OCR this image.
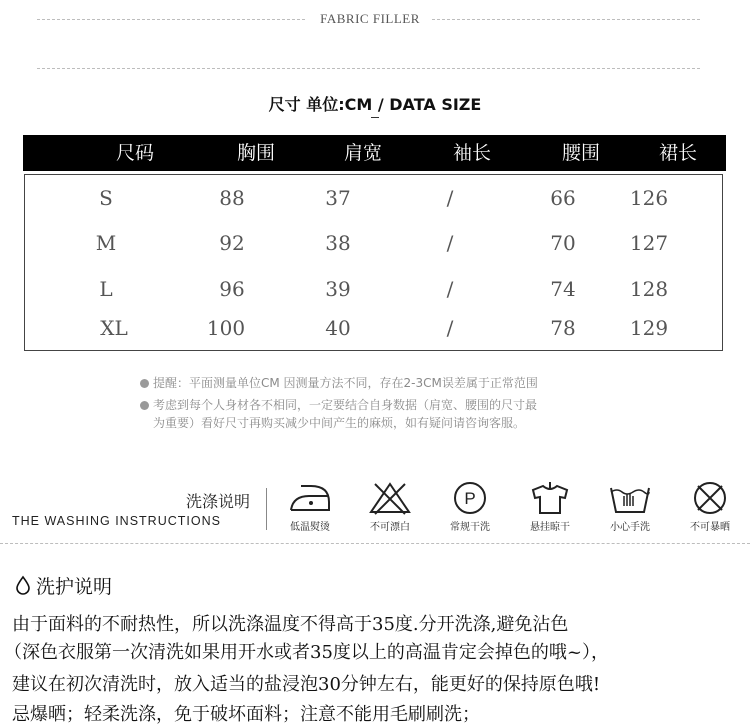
FABRIC FILLER
尺寸 单位:CM / DATA SIZE
尺码	胸围	肩宽	袖长	腰围	裙长
S	88	37	/	66	126
M	92	38	/	70	127
L	96	39	/	74	128
XL	100	40	/	78	129
提醒：平面测量单位CM 因测量方法不同，存在2-3CM误差属于正常范围
考虑到每个人身材各不相同，一定要结合自身数据（肩宽、腰围的尺寸最
为重要）看好尺寸再购买减少中间产生的麻烦，如有疑问请咨询客服。
洗涤说明
THE WASHING INSTRUCTIONS	低温熨烫	不可漂白
P
常规干洗	悬挂晾干	小心手洗	不可暴晒
洗护说明
由于面料的不耐热性，所以洗涤温度不得高于35度.分开洗涤,避免沾色
（深色衣服第一次清洗如果用开水或者35度以上的高温肯定会掉色的哦~），
建议在初次清洗时，放入适当的盐浸泡30分钟左右，能更好的保持原色哦!
忌爆晒；轻柔洗涤，免于破坏面料；注意不能用毛刷刷洗；
